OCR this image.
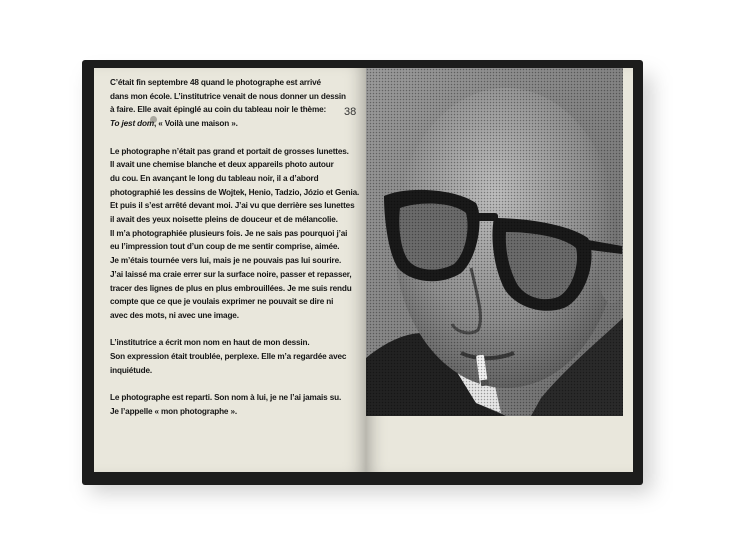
C’était fin septembre 48 quand le photographe est arrivé
dans mon école. L’institutrice venait de nous donner un dessin
à faire. Elle avait épinglé au coin du tableau noir le thème:
To jest dom, « Voilà une maison ».

Le photographe n’était pas grand et portait de grosses lunettes.
Il avait une chemise blanche et deux appareils photo autour
du cou. En avançant le long du tableau noir, il a d’abord
photographié les dessins de Wojtek, Henio, Tadzio, Józio et Genia.
Et puis il s’est arrêté devant moi. J’ai vu que derrière ses lunettes
il avait des yeux noisette pleins de douceur et de mélancolie.
Il m’a photographiée plusieurs fois. Je ne sais pas pourquoi j’ai
eu l’impression tout d’un coup de me sentir comprise, aimée.
Je m’étais tournée vers lui, mais je ne pouvais pas lui sourire.
J’ai laissé ma craie errer sur la surface noire, passer et repasser,
tracer des lignes de plus en plus embrouillées. Je me suis rendu
compte que ce que je voulais exprimer ne pouvait se dire ni
avec des mots, ni avec une image.

L’institutrice a écrit mon nom en haut de mon dessin.
Son expression était troublée, perplexe. Elle m’a regardée avec
inquiétude.

Le photographe est reparti. Son nom à lui, je ne l’ai jamais su.
Je l’appelle « mon photographe ».

38
